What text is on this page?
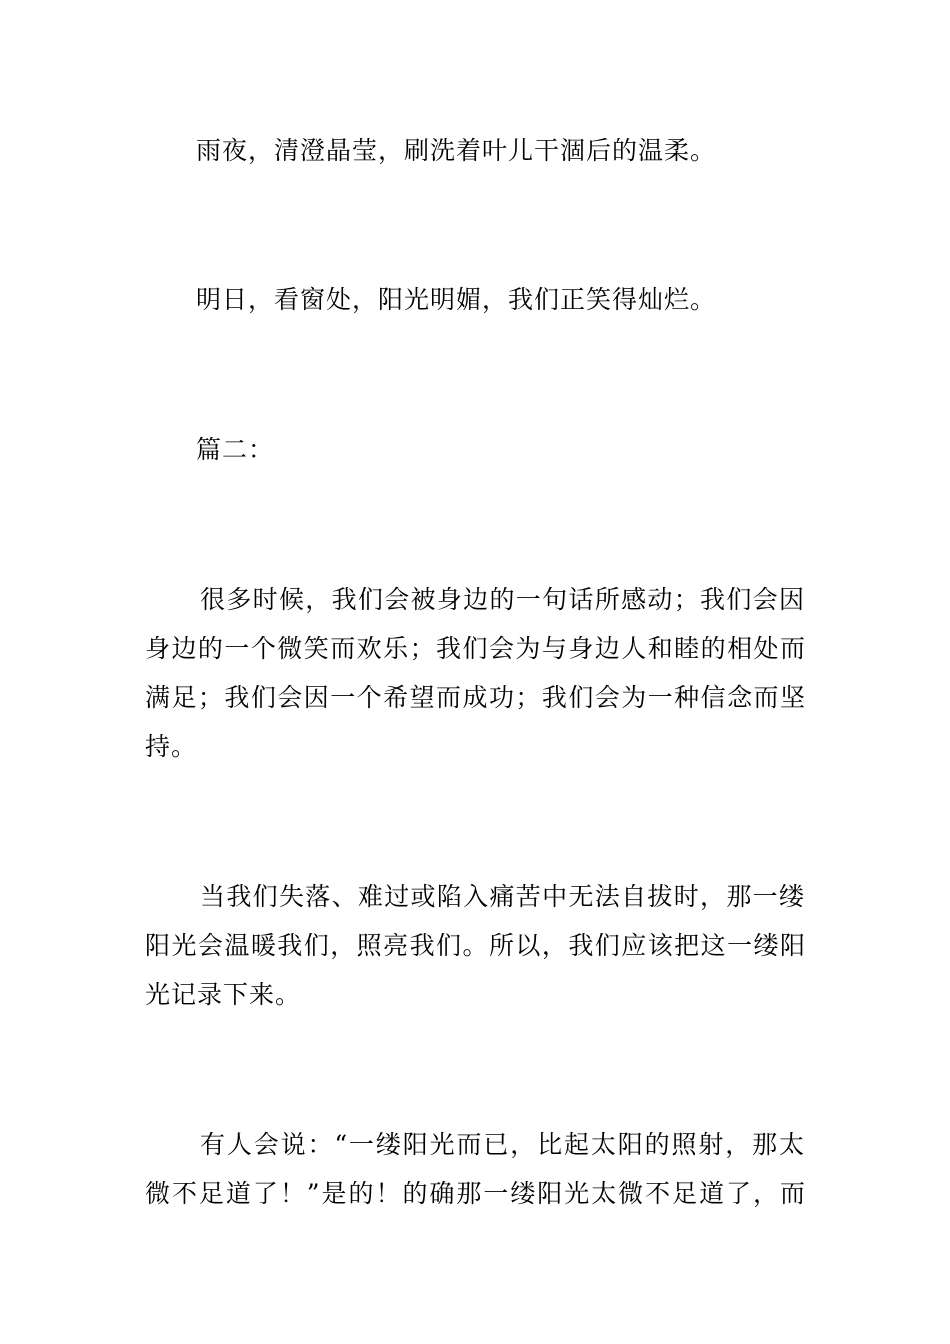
雨夜，清澄晶莹，刷洗着叶儿干涸后的温柔。
明日，看窗处，阳光明媚，我们正笑得灿烂。
篇二：
很多时候，我们会被身边的一句话所感动；我们会因
身边的一个微笑而欢乐；我们会为与身边人和睦的相处而
满足；我们会因一个希望而成功；我们会为一种信念而坚
持。
当我们失落、难过或陷入痛苦中无法自拔时，那一缕
阳光会温暖我们，照亮我们。所以，我们应该把这一缕阳
光记录下来。
有人会说：“一缕阳光而已，比起太阳的照射，那太
微不足道了！”是的！的确那一缕阳光太微不足道了，而
